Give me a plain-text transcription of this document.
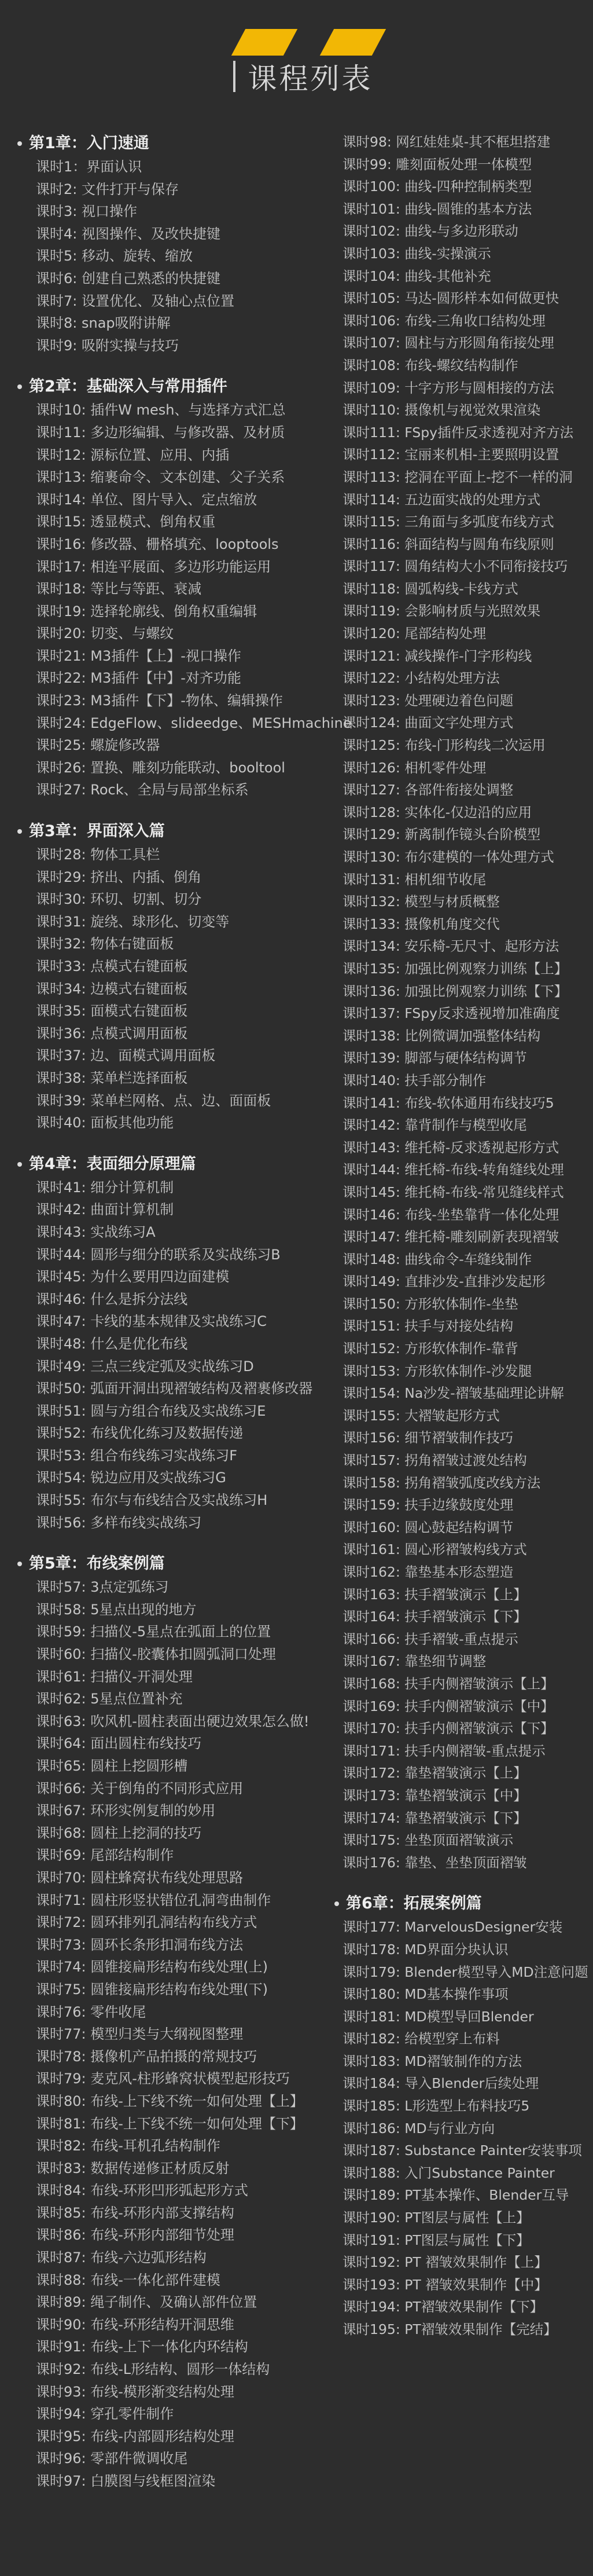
课程列表
第1章：入门速通
课时1：界面认识
课时2: 文件打开与保存
课时3: 视口操作
课时4: 视图操作、及改快捷键
课时5: 移动、旋转、缩放
课时6: 创建自己熟悉的快捷键
课时7: 设置优化、及轴心点位置
课时8: snap吸附讲解
课时9: 吸附实操与技巧
第2章：基础深入与常用插件
课时10: 插件W mesh、与选择方式汇总
课时11: 多边形编辑、与修改器、及材质
课时12: 源标位置、应用、内插
课时13: 缩裹命令、文本创建、父子关系
课时14: 单位、图片导入、定点缩放
课时15: 透显模式、倒角权重
课时16: 修改器、栅格填充、looptools
课时17: 相连平展面、多边形功能运用
课时18: 等比与等距、衰减
课时19: 选择轮廓线、倒角权重编辑
课时20: 切变、与螺纹
课时21: M3插件【上】-视口操作
课时22: M3插件【中】-对齐功能
课时23: M3插件【下】-物体、编辑操作
课时24: EdgeFlow、slideedge、MESHmachine
课时25: 螺旋修改器
课时26: 置换、雕刻功能联动、booltool
课时27: Rock、全局与局部坐标系
第3章：界面深入篇
课时28: 物体工具栏
课时29: 挤出、内插、倒角
课时30: 环切、切割、切分
课时31: 旋绕、球形化、切变等
课时32: 物体右键面板
课时33: 点模式右键面板
课时34: 边模式右键面板
课时35: 面模式右键面板
课时36: 点模式调用面板
课时37: 边、面模式调用面板
课时38: 菜单栏选择面板
课时39: 菜单栏网格、点、边、面面板
课时40: 面板其他功能
第4章：表面细分原理篇
课时41: 细分计算机制
课时42: 曲面计算机制
课时43: 实战练习A
课时44: 圆形与细分的联系及实战练习B
课时45: 为什么要用四边面建模
课时46: 什么是拆分法线
课时47: 卡线的基本规律及实战练习C
课时48: 什么是优化布线
课时49: 三点三线定弧及实战练习D
课时50: 弧面开洞出现褶皱结构及褶裹修改器
课时51: 圆与方组合布线及实战练习E
课时52: 布线优化练习及数据传递
课时53: 组合布线练习实战练习F
课时54: 锐边应用及实战练习G
课时55: 布尔与布线结合及实战练习H
课时56: 多样布线实战练习
第5章：布线案例篇
课时57: 3点定弧练习
课时58: 5星点出现的地方
课时59: 扫描仪-5星点在弧面上的位置
课时60: 扫描仪-胶囊体扣圆弧洞口处理
课时61: 扫描仪-开洞处理
课时62: 5星点位置补充
课时63: 吹风机-圆柱表面出硬边效果怎么做!
课时64: 面出圆柱布线技巧
课时65: 圆柱上挖圆形槽
课时66: 关于倒角的不同形式应用
课时67: 环形实例复制的妙用
课时68: 圆柱上挖洞的技巧
课时69: 尾部结构制作
课时70: 圆柱蜂窝状布线处理思路
课时71: 圆柱形竖状错位孔洞弯曲制作
课时72: 圆环排列孔洞结构布线方式
课时73: 圆环长条形扣洞布线方法
课时74: 圆锥接扁形结构布线处理(上)
课时75: 圆锥接扁形结构布线处理(下)
课时76: 零件收尾
课时77: 模型归类与大纲视图整理
课时78: 摄像机产品拍摄的常规技巧
课时79: 麦克风-柱形蜂窝状模型起形技巧
课时80: 布线-上下线不统一如何处理【上】
课时81: 布线-上下线不统一如何处理【下】
课时82: 布线-耳机孔结构制作
课时83: 数据传递修正材质反射
课时84: 布线-环形凹形弧起形方式
课时85: 布线-环形内部支撑结构
课时86: 布线-环形内部细节处理
课时87: 布线-六边弧形结构
课时88: 布线-一体化部件建模
课时89: 绳子制作、及确认部件位置
课时90: 布线-环形结构开洞思维
课时91: 布线-上下一体化内环结构
课时92: 布线-L形结构、圆形一体结构
课时93: 布线-模形渐变结构处理
课时94: 穿孔零件制作
课时95: 布线-内部圆形结构处理
课时96: 零部件微调收尾
课时97: 白膜图与线框图渲染
课时98: 网红娃娃桌-其不框坦搭建
课时99: 雕刻面板处理一体模型
课时100: 曲线-四种控制柄类型
课时101: 曲线-圆锥的基本方法
课时102: 曲线-与多边形联动
课时103: 曲线-实操演示
课时104: 曲线-其他补充
课时105: 马达-圆形样本如何做更快
课时106: 布线-三角收口结构处理
课时107: 圆柱与方形圆角衔接处理
课时108: 布线-螺纹结构制作
课时109: 十字方形与圆相接的方法
课时110: 摄像机与视觉效果渲染
课时111: FSpy插件反求透视对齐方法
课时112: 宝丽来机相-主要照明设置
课时113: 挖洞在平面上-挖不一样的洞
课时114: 五边面实战的处理方式
课时115: 三角面与多弧度布线方式
课时116: 斜面结构与圆角布线原则
课时117: 圆角结构大小不同衔接技巧
课时118: 圆弧构线-卡线方式
课时119: 会影响材质与光照效果
课时120: 尾部结构处理
课时121: 减线操作-门字形构线
课时122: 小结构处理方法
课时123: 处理硬边着色问题
课时124: 曲面文字处理方式
课时125: 布线-门形构线二次运用
课时126: 相机零件处理
课时127: 各部件衔接处调整
课时128: 实体化-仅边沿的应用
课时129: 新离制作镜头台阶模型
课时130: 布尔建模的一体处理方式
课时131: 相机细节收尾
课时132: 模型与材质概整
课时133: 摄像机角度交代
课时134: 安乐椅-无尺寸、起形方法
课时135: 加强比例观察力训练【上】
课时136: 加强比例观察力训练【下】
课时137: FSpy反求透视增加准确度
课时138: 比例微调加强整体结构
课时139: 脚部与硬体结构调节
课时140: 扶手部分制作
课时141: 布线-软体通用布线技巧5
课时142: 靠背制作与模型收尾
课时143: 维托椅-反求透视起形方式
课时144: 维托椅-布线-转角缝线处理
课时145: 维托椅-布线-常见缝线样式
课时146: 布线-坐垫靠背一体化处理
课时147: 维托椅-雕刻刷新表现褶皱
课时148: 曲线命令-车缝线制作
课时149: 直排沙发-直排沙发起形
课时150: 方形软体制作-坐垫
课时151: 扶手与对接处结构
课时152: 方形软体制作-靠背
课时153: 方形软体制作-沙发腿
课时154: Na沙发-褶皱基础理论讲解
课时155: 大褶皱起形方式
课时156: 细节褶皱制作技巧
课时157: 拐角褶皱过渡处结构
课时158: 拐角褶皱弧度改线方法
课时159: 扶手边缘鼓度处理
课时160: 圆心鼓起结构调节
课时161: 圆心形褶皱构线方式
课时162: 靠垫基本形态塑造
课时163: 扶手褶皱演示【上】
课时164: 扶手褶皱演示【下】
课时166: 扶手褶皱-重点提示
课时167: 靠垫细节调整
课时168: 扶手内侧褶皱演示【上】
课时169: 扶手内侧褶皱演示【中】
课时170: 扶手内侧褶皱演示【下】
课时171: 扶手内侧褶皱-重点提示
课时172: 靠垫褶皱演示【上】
课时173: 靠垫褶皱演示【中】
课时174: 靠垫褶皱演示【下】
课时175: 坐垫顶面褶皱演示
课时176: 靠垫、坐垫顶面褶皱
第6章：拓展案例篇
课时177: MarvelousDesigner安装
课时178: MD界面分块认识
课时179: Blender模型导入MD注意问题
课时180: MD基本操作事项
课时181: MD模型导回Blender
课时182: 给模型穿上布料
课时183: MD褶皱制作的方法
课时184: 导入Blender后续处理
课时185: L形选型上布料技巧5
课时186: MD与行业方向
课时187: Substance Painter安装事项
课时188: 入门Substance Painter
课时189: PT基本操作、Blender互导
课时190: PT图层与属性【上】
课时191: PT图层与属性【下】
课时192: PT 褶皱效果制作【上】
课时193: PT 褶皱效果制作【中】
课时194: PT褶皱效果制作【下】
课时195: PT褶皱效果制作【完结】
